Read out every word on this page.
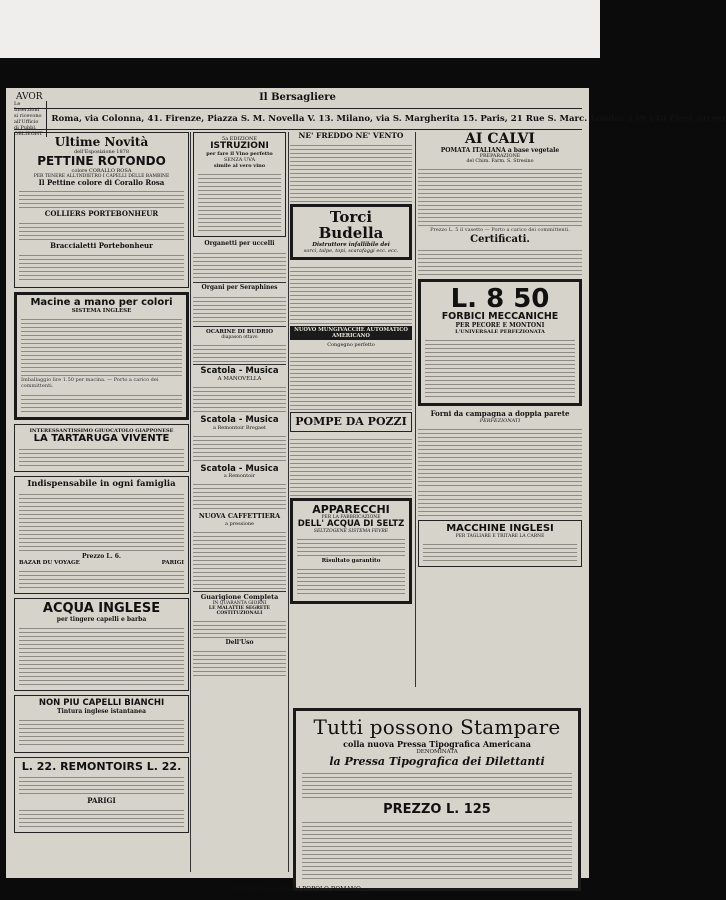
AVOR	Il Bersagliere
Le Inserzioni si ricevono all'Ufficio di Pubbl. OBLIEGHT
Roma, via Colonna, 41. Firenze, Piazza S. M. Novella V. 13. Milano, via S. Margherita 15. Paris, 21 Rue S. Marc. Londra 139 140 Fleet Street
Ultime Novità
dell'Esposizione 1878
PETTINE ROTONDO
colore CORALLO ROSA
PER TENERE ALL'INDIETRO I CAPELLI DELLE BAMBINE
Il Pettine colore di Corallo Rosa
COLLIERS PORTEBONHEUR
Braccialetti Portebonheur
Macine a mano per colori
SISTEMA INGLESE
Imballaggio lire 1.50 per macina. — Porto a carico dei committenti.
INTERESSANTISSIMO GIUOCATOLO GIAPPONESE
LA TARTARUGA VIVENTE
Indispensabile in ogni famiglia
Prezzo L. 6.
BAZAR DU VOYAGE	PARIGI
ACQUA INGLESE
per tingere capelli e barba
NON PIU CAPELLI BIANCHI
Tintura inglese istantanea
L. 22. REMONTOIRS L. 22.
PARIGI
5a EDIZIONE
ISTRUZIONI
per fare il Vino perfetto
SENZA UVA
simile al vero vino
Organetti per uccelli
Organi per Seraphines
OCARINE DI BUDRIO
diapason ottavo
Scatola - Musica
A MANOVELLA
Scatola - Musica
a Remontoir Bregaet
Scatola - Musica
a Remontoir
NUOVA CAFFETTIERA
a pressione
Guarigione Completa
IN QUARANTA GIORNI
LE MALATTIE SEGRETE COSTITUZIONALI
Dell'Uso
NE' FREDDO NE' VENTO
Torci Budella
Distruttore infallibile dei
sorci, talpe, topi, scarafaggi ecc. ecc.
NUOVO MUNGIVACCHE AUTOMATICO AMERICANO
Congegno perfetto
POMPE DA POZZI
APPARECCHI
PER LA FABBRICAZIONE
DELL' ACQUA DI SELTZ
SELTZOGENE SISTEMA FEVRE
Risultato garantito
AI CALVI
POMATA ITALIANA a base vegetale
PREPARAZIONE
del Chim. Farm. S. Stresino
Prezzo L. 5 il vasetto — Porto a carico dei committenti.
Certificati.
L. 8 50
FORBICI MECCANICHE
PER PECORE E MONTONI
L'UNIVERSALE PERFEZIONATA
Forni da campagna a doppia parete
PERFEZIONATI
MACCHINE INGLESI
PER TAGLIARE E TRITARE LA CARNE
Tutti possono Stampare
colla nuova Pressa Tipografica Americana
DENOMINATA
la Pressa Tipografica dei Dilettanti
PREZZO L. 125
— ROMA, Tipografia del POPOLO ROMANO —
